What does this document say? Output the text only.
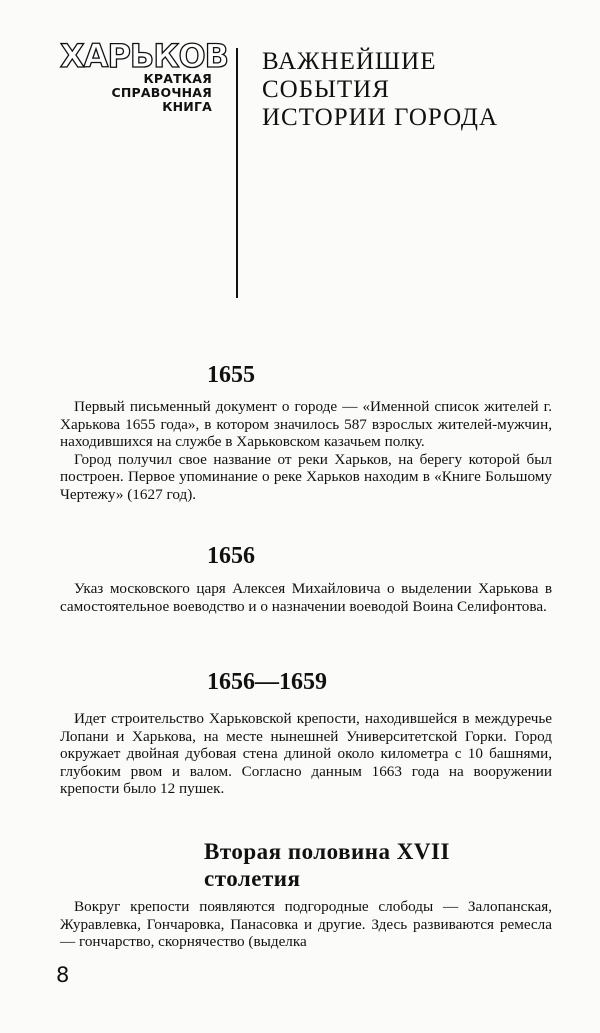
ХАРЬКОВ
КРАТКАЯ
СПРАВОЧНАЯ
КНИГА
ВАЖНЕЙШИЕ
СОБЫТИЯ
ИСТОРИИ ГОРОДА
1655

Первый письменный документ о городе — «Именной список жителей г. Харькова 1655 года», в котором значилось 587 взрослых жителей-мужчин, находившихся на службе в Харьковском казачьем полку.

Город получил свое название от реки Харьков, на берегу которой был построен. Первое упоминание о реке Харьков находим в «Книге Большому Чертежу» (1627 год).

1656

Указ московского царя Алексея Михайловича о выделении Харькова в самостоятельное воеводство и о назначении воеводой Воина Селифонтова.

1656—1659

Идет строительство Харьковской крепости, находившейся в междуречье Лопани и Харькова, на месте нынешней Университетской Горки. Город окружает двойная дубовая стена длиной около километра с 10 башнями, глубоким рвом и валом. Согласно данным 1663 года на вооружении крепости было 12 пушек.

Вторая половина XVII
столетия

Вокруг крепости появляются подгородные слободы — Залопанская, Журавлевка, Гончаровка, Панасовка и другие. Здесь развиваются ремесла — гончарство, скорнячество (выделка

8
